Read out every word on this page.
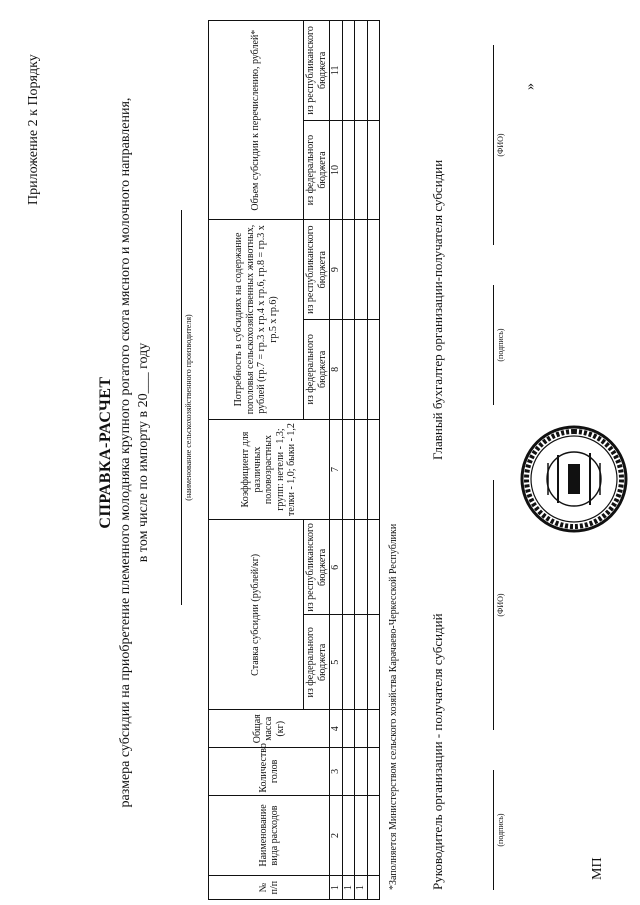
Приложение 2 к Порядку
СПРАВКА-РАСЧЕТ размера субсидии на приобретение племенного молодняка крупного рогатого скота мясного и молочного направления, в том числе по импорту в 20___ году	(наименование сельскохозяйственного производителя)
№ п/п	Наименование вида расходов	Количество голов	Общая масса (кг)	Ставка субсидии (рублей/кг)		Коэффициент для различных половозрастных групп: нетели - 1,3; телки - 1,0; быки - 1,2	Потребность в субсидиях на содержание поголовья сельскохозяйственных животных, рублей (гр.7 = гр.3 х гр.4 х гр.6, гр.8 = гр.3 х гр.5 х гр.6)		Объем субсидии к перечислению, рублей*	
				из федерального бюджета	из республиканского бюджета		из федерального бюджета	из республиканского бюджета	из федерального бюджета	из республиканского бюджета
1	2	3	4	5	6	7	8	9	10	11
1										
1										
										*Заполняется Министерством сельского хозяйства Карачаево-Черкесской Республики Руководитель организации - получателя субсидий	(подпись)
(ФИО)
Главный бухгалтер организации-получателя субсидии	(подпись)
(ФИО)
»
МП
